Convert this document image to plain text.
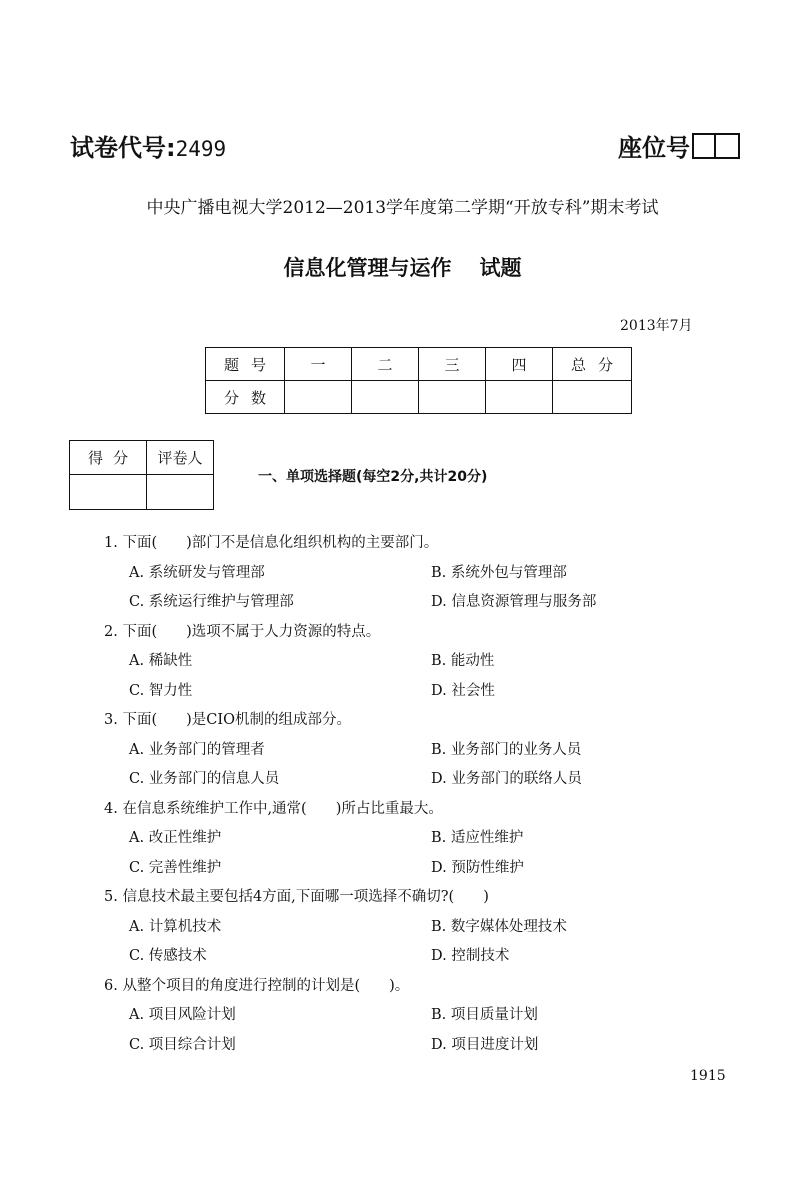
试卷代号:2499	座位号
中央广播电视大学2012—2013学年度第二学期“开放专科”期末考试
信息化管理与运作 试题
2013年7月
题号	一	二	三	四	总分
分数					
得分	评卷人

一、单项选择题(每空2分,共计20分)
1. 下面(　　)部门不是信息化组织机构的主要部门。
A. 系统研发与管理部	B. 系统外包与管理部
C. 系统运行维护与管理部	D. 信息资源管理与服务部
2. 下面(　　)选项不属于人力资源的特点。
A. 稀缺性	B. 能动性
C. 智力性	D. 社会性
3. 下面(　　)是CIO机制的组成部分。
A. 业务部门的管理者	B. 业务部门的业务人员
C. 业务部门的信息人员	D. 业务部门的联络人员
4. 在信息系统维护工作中,通常(　　)所占比重最大。
A. 改正性维护	B. 适应性维护
C. 完善性维护	D. 预防性维护
5. 信息技术最主要包括4方面,下面哪一项选择不确切?(　　)
A. 计算机技术	B. 数字媒体处理技术
C. 传感技术	D. 控制技术
6. 从整个项目的角度进行控制的计划是(　　)。
A. 项目风险计划	B. 项目质量计划
C. 项目综合计划	D. 项目进度计划
1915
